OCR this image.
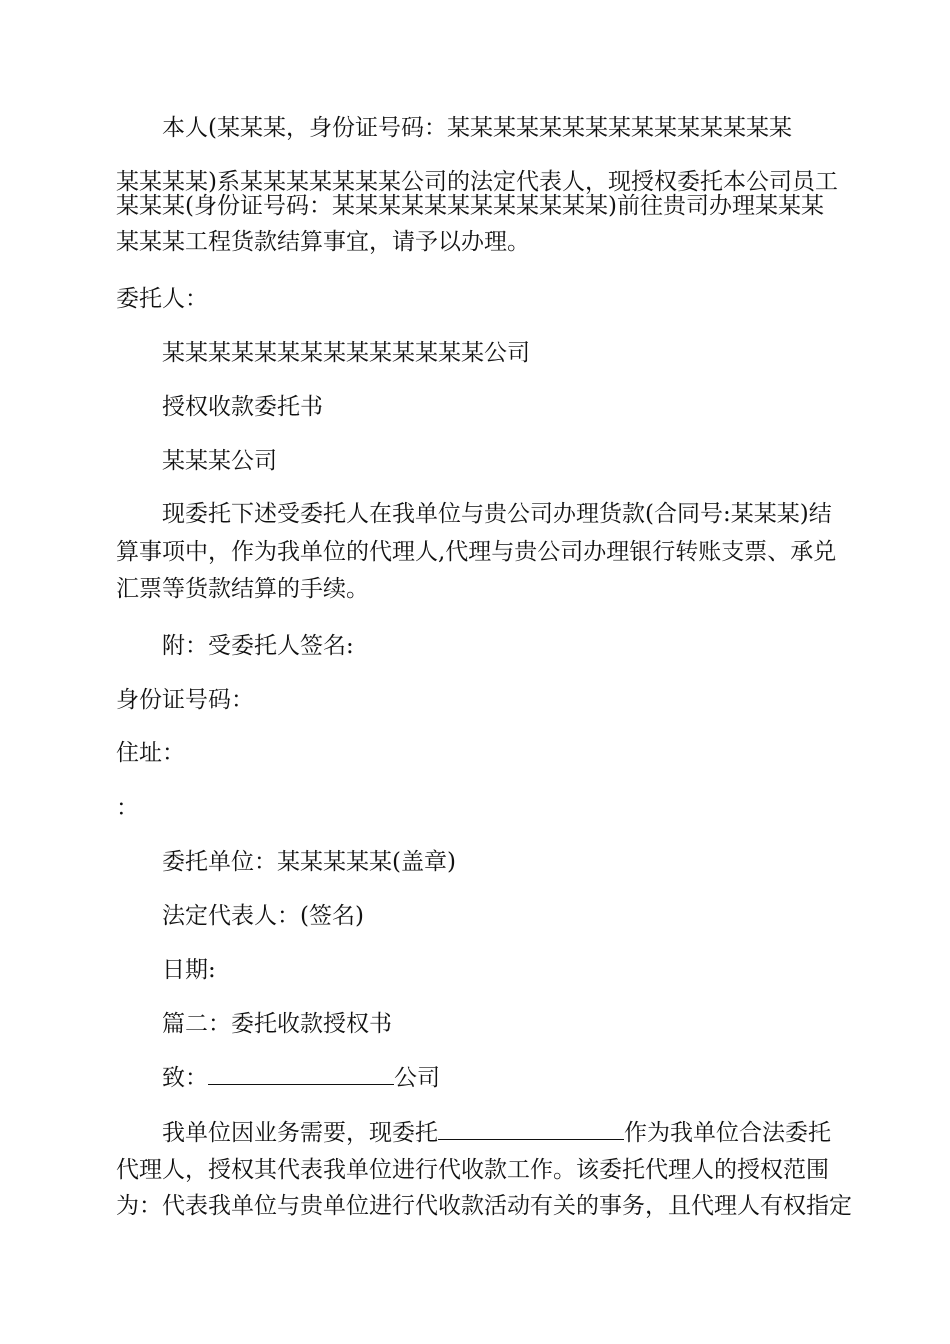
本人(某某某，身份证号码：某某某某某某某某某某某某某某某
某某某某)系某某某某某某某公司的法定代表人，现授权委托本公司员工
某某某(身份证号码：某某某某某某某某某某某某)前往贵司办理某某某
某某某工程货款结算事宜，请予以办理。
委托人：
某某某某某某某某某某某某某某公司
授权收款委托书
某某某公司
现委托下述受委托人在我单位与贵公司办理货款(合同号:某某某)结
算事项中，作为我单位的代理人,代理与贵公司办理银行转账支票、承兑
汇票等货款结算的手续。
附：受委托人签名:
身份证号码：
住址：
：
委托单位：某某某某某(盖章)
法定代表人：(签名)
日期:
篇二：委托收款授权书
致：	公司
我单位因业务需要，现委托	作为我单位合法委托
代理人，授权其代表我单位进行代收款工作。该委托代理人的授权范围
为：代表我单位与贵单位进行代收款活动有关的事务，且代理人有权指定
